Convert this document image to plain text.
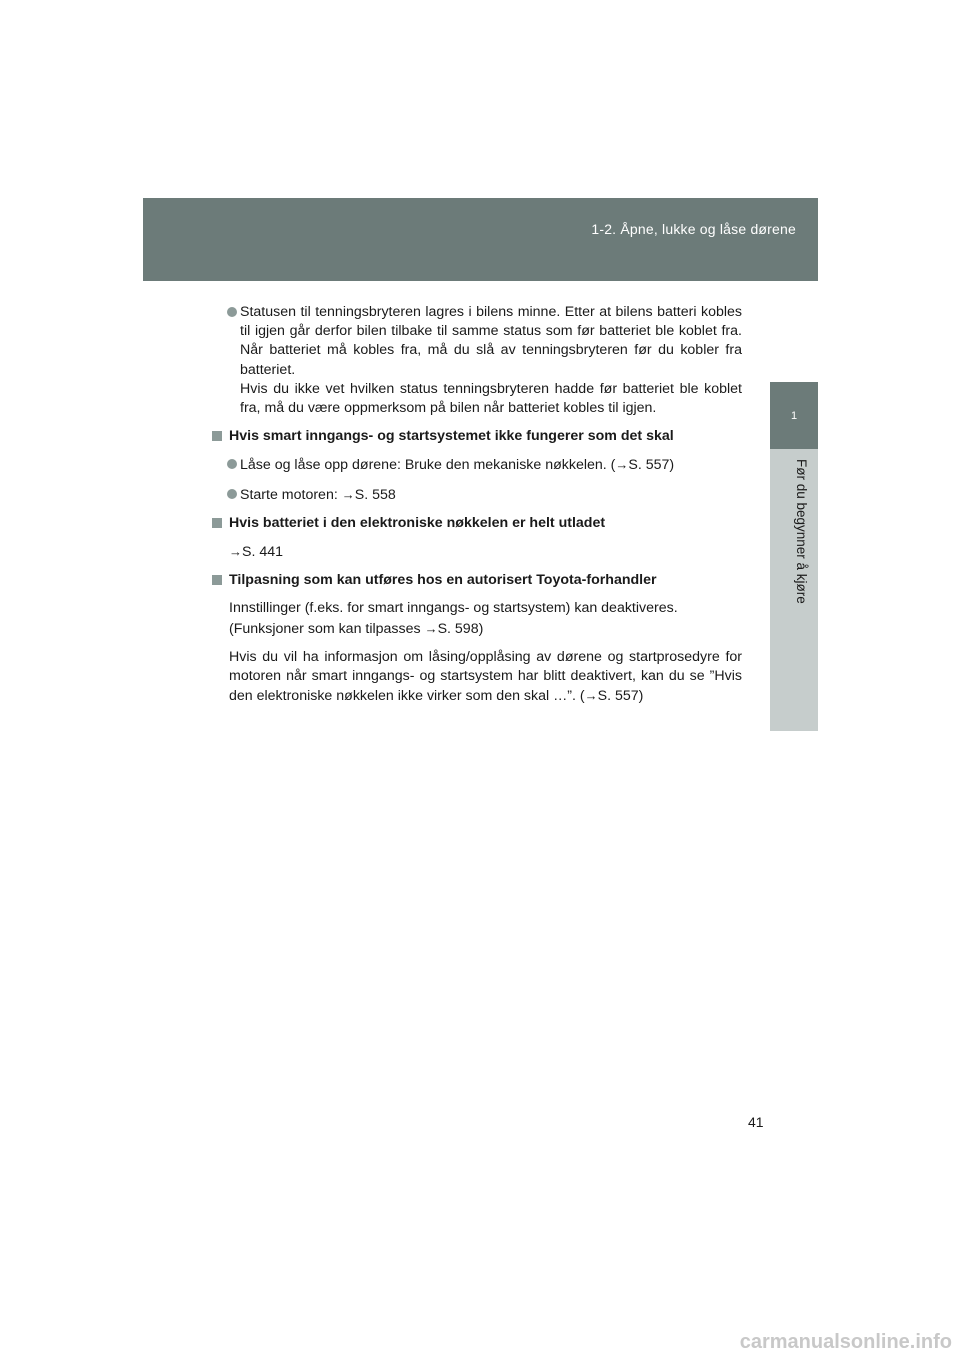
1-2. Åpne, lukke og låse dørene
1
Før du begynner å kjøre
Statusen til tenningsbryteren lagres i bilens minne. Etter at bilens batteri kobles til igjen går derfor bilen tilbake til samme status som før batteriet ble koblet fra. Når batteriet må kobles fra, må du slå av tenningsbryteren før du kobler fra batteriet.
Hvis du ikke vet hvilken status tenningsbryteren hadde før batteriet ble koblet fra, må du være oppmerksom på bilen når batteriet kobles til igjen.
Hvis smart inngangs- og startsystemet ikke fungerer som det skal
Låse og låse opp dørene: Bruke den mekaniske nøkkelen. (→S. 557)
Starte motoren: →S. 558
Hvis batteriet i den elektroniske nøkkelen er helt utladet
→S. 441
Tilpasning som kan utføres hos en autorisert Toyota-forhandler
Innstillinger (f.eks. for smart inngangs- og startsystem) kan deaktiveres.
(Funksjoner som kan tilpasses →S. 598)
Hvis du vil ha informasjon om låsing/opplåsing av dørene og startprosedyre for motoren når smart inngangs- og startsystem har blitt deaktivert, kan du se ”Hvis den elektroniske nøkkelen ikke virker som den skal …”. (→S. 557)
41
carmanualsonline.info
